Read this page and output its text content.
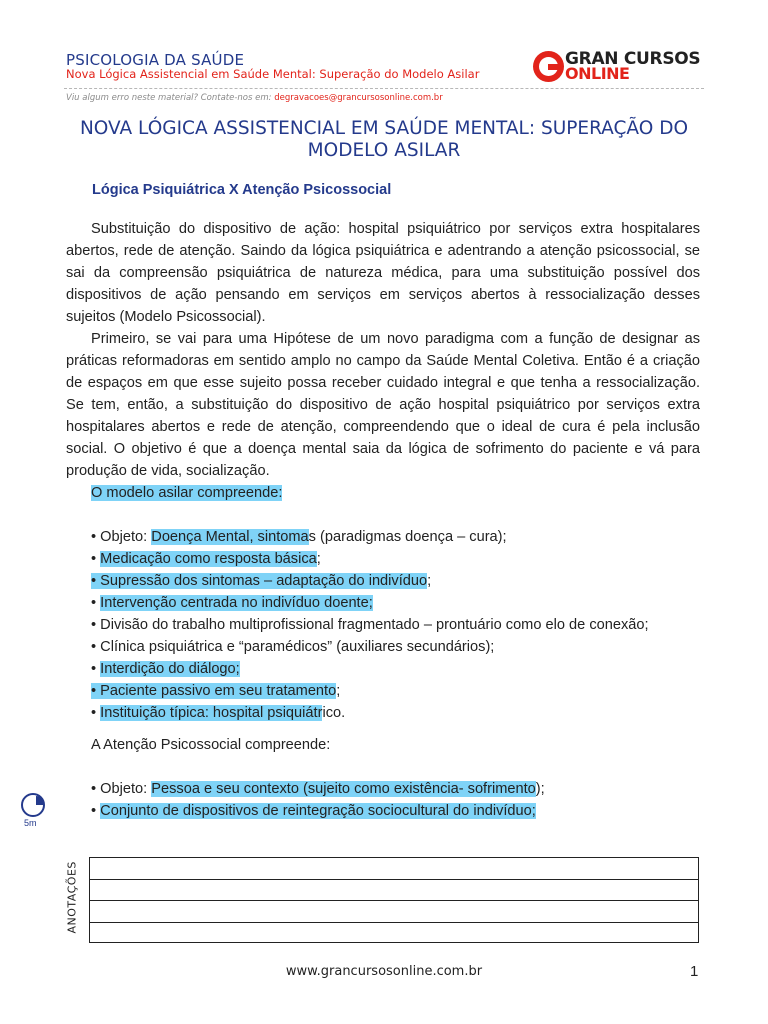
PSICOLOGIA DA SAÚDE
Nova Lógica Assistencial em Saúde Mental: Superação do Modelo Asilar
GRAN CURSOS
ONLINE
Viu algum erro neste material? Contate-nos em: degravacoes@grancursosonline.com.br
NOVA LÓGICA ASSISTENCIAL EM SAÚDE MENTAL: SUPERAÇÃO DO
MODELO ASILAR
Lógica Psiquiátrica X Atenção Psicossocial

Substituição do dispositivo de ação: hospital psiquiátrico por serviços extra hospitalares abertos, rede de atenção. Saindo da lógica psiquiátrica e adentrando a atenção psicossocial, se sai da compreensão psiquiátrica de natureza médica, para uma substituição possível dos dispositivos de ação pensando em serviços em serviços abertos à ressocialização desses sujeitos (Modelo Psicossocial).

Primeiro, se vai para uma Hipótese de um novo paradigma com a função de designar as práticas reformadoras em sentido amplo no campo da Saúde Mental Coletiva. Então é a criação de espaços em que esse sujeito possa receber cuidado integral e que tenha a ressocialização. Se tem, então, a substituição do dispositivo de ação hospital psiquiátrico por serviços extra hospitalares abertos e rede de atenção, compreendendo que o ideal de cura é pela inclusão social. O objetivo é que a doença mental saia da lógica de sofrimento do paciente e vá para produção de vida, socialização.

O modelo asilar compreende:
• Objeto: Doença Mental, sintomas (paradigmas doença – cura);
• Medicação como resposta básica;
• Supressão dos sintomas – adaptação do indivíduo;
• Intervenção centrada no indivíduo doente;
• Divisão do trabalho multiprofissional fragmentado – prontuário como elo de conexão;
• Clínica psiquiátrica e “paramédicos” (auxiliares secundários);
• Interdição do diálogo;
• Paciente passivo em seu tratamento;
• Instituição típica: hospital psiquiátrico.
A Atenção Psicossocial compreende:
• Objeto: Pessoa e seu contexto (sujeito como existência- sofrimento);
• Conjunto de dispositivos de reintegração sociocultural do indivíduo;
5m
ANOTAÇÕES
www.grancursosonline.com.br	1
